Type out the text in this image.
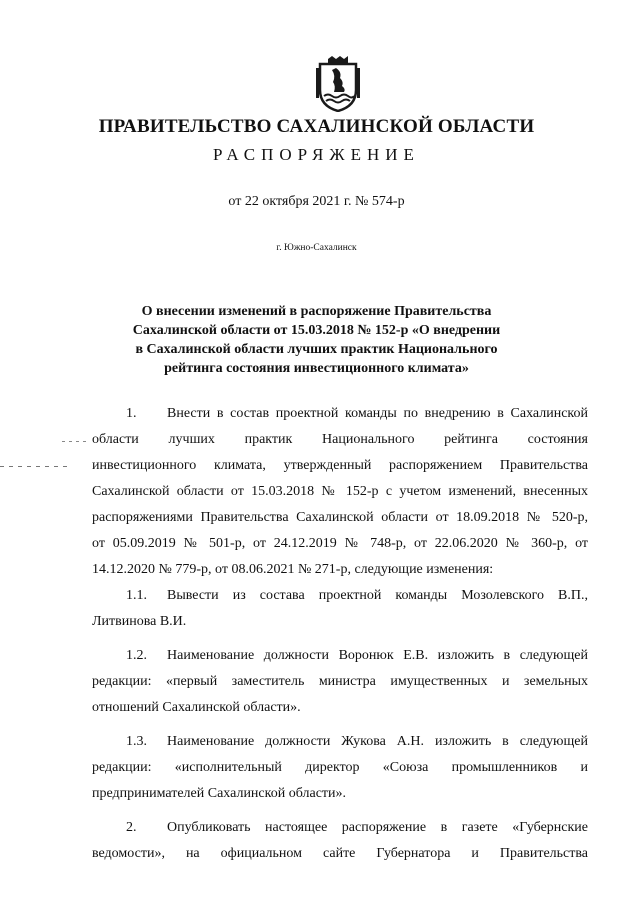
ПРАВИТЕЛЬСТВО САХАЛИНСКОЙ ОБЛАСТИ
РАСПОРЯЖЕНИЕ
от 22 октября 2021 г. № 574-р
г. Южно-Сахалинск
О внесении изменений в распоряжение Правительства
Сахалинской области от 15.03.2018 № 152-р «О внедрении
в Сахалинской области лучших практик Национального
рейтинга состояния инвестиционного климата»
1. Внести в состав проектной команды по внедрению в Сахалинской
области лучших практик Национального рейтинга состояния
инвестиционного климата, утвержденный распоряжением Правительства
Сахалинской области от 15.03.2018 № 152-р с учетом изменений, внесенных
распоряжениями Правительства Сахалинской области от 18.09.2018 № 520-р,
от 05.09.2019 № 501-р, от 24.12.2019 № 748-р, от 22.06.2020 № 360-р, от
14.12.2020 № 779-р, от 08.06.2021 № 271-р, следующие изменения:
1.1. Вывести из состава проектной команды Мозолевского В.П.,
Литвинова В.И.
1.2. Наименование должности Воронюк Е.В. изложить в следующей
редакции: «первый заместитель министра имущественных и земельных
отношений Сахалинской области».
1.3. Наименование должности Жукова А.Н. изложить в следующей
редакции: «исполнительный директор «Союза промышленников и
предпринимателей Сахалинской области».
2. Опубликовать настоящее распоряжение в газете «Губернские
ведомости», на официальном сайте Губернатора и Правительства
